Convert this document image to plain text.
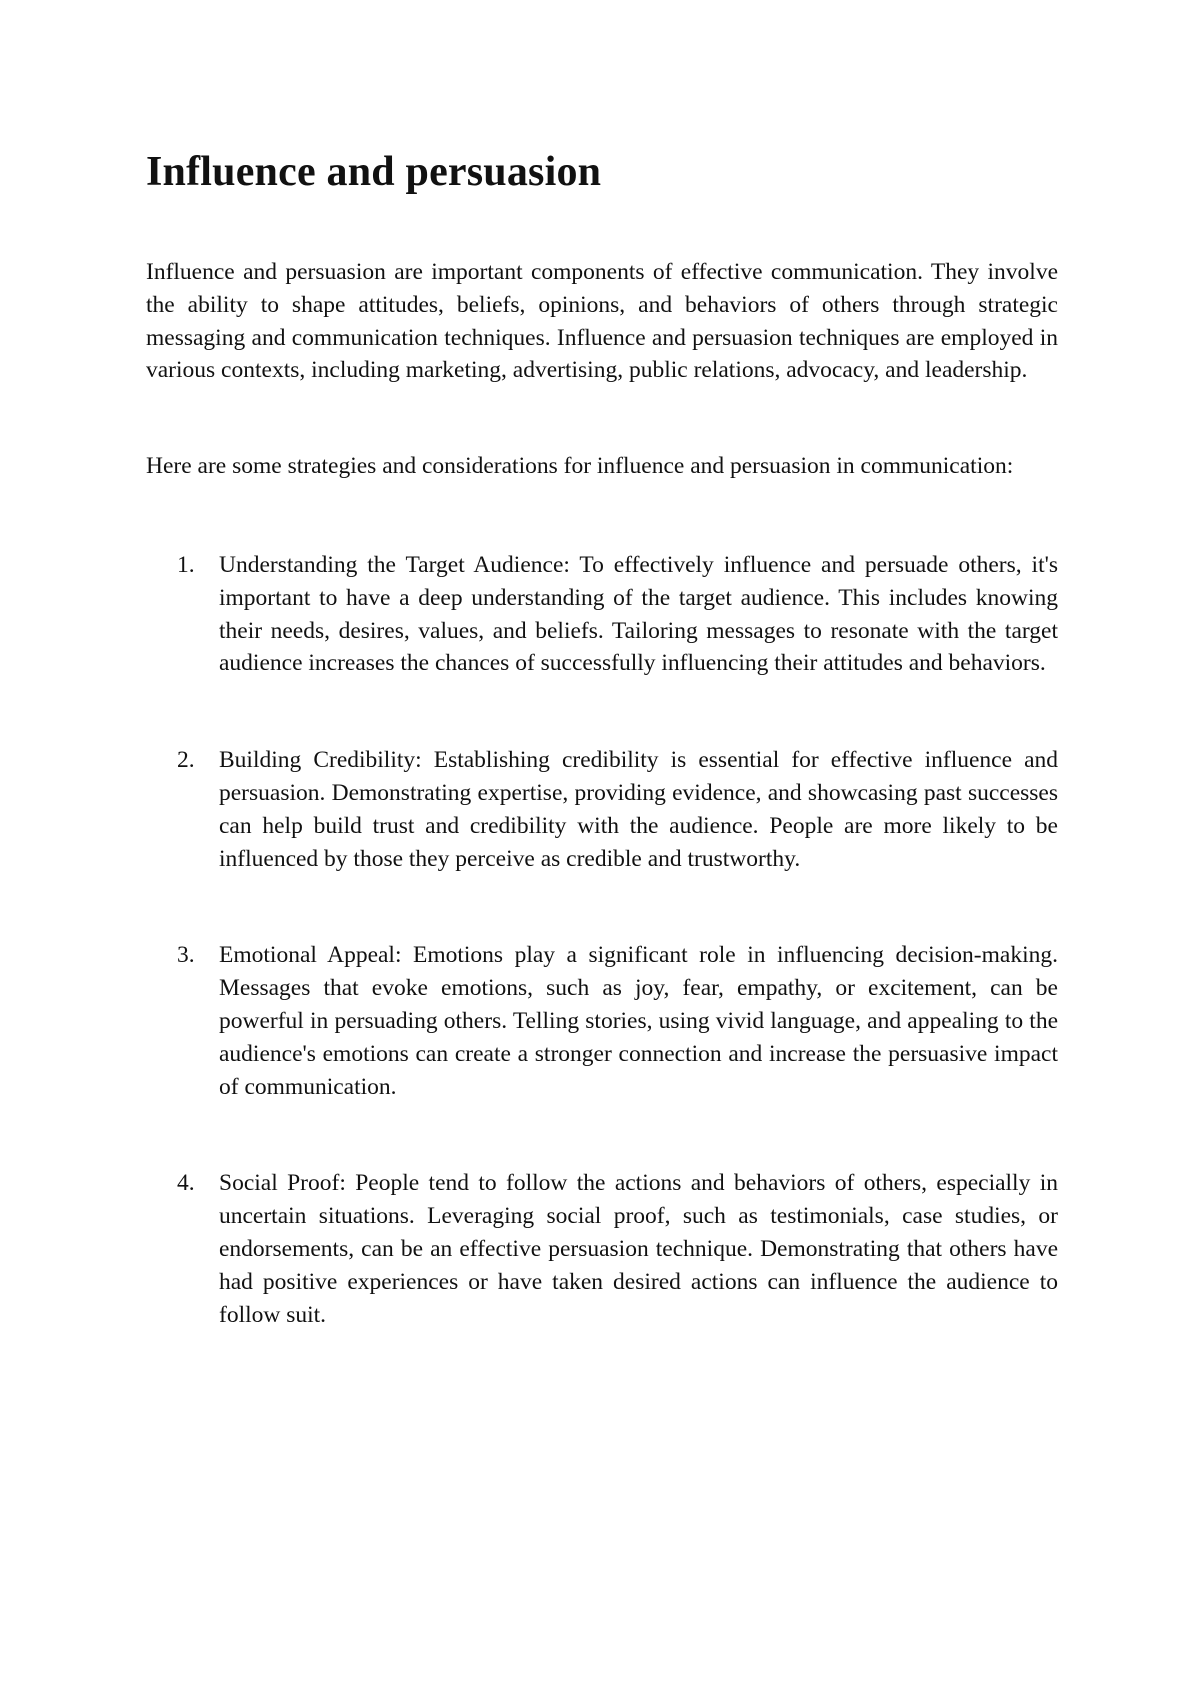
Influence and persuasion

Influence and persuasion are important components of effective communication. They involve the ability to shape attitudes, beliefs, opinions, and behaviors of others through strategic messaging and communication techniques. Influence and persuasion techniques are employed in various contexts, including marketing, advertising, public relations, advocacy, and leadership.

Here are some strategies and considerations for influence and persuasion in communication:

1. Understanding the Target Audience: To effectively influence and persuade others, it's important to have a deep understanding of the target audience. This includes knowing their needs, desires, values, and beliefs. Tailoring messages to resonate with the target audience increases the chances of successfully influencing their attitudes and behaviors.
2. Building Credibility: Establishing credibility is essential for effective influence and persuasion. Demonstrating expertise, providing evidence, and showcasing past successes can help build trust and credibility with the audience. People are more likely to be influenced by those they perceive as credible and trustworthy.
3. Emotional Appeal: Emotions play a significant role in influencing decision-making. Messages that evoke emotions, such as joy, fear, empathy, or excitement, can be powerful in persuading others. Telling stories, using vivid language, and appealing to the audience's emotions can create a stronger connection and increase the persuasive impact of communication.
4. Social Proof: People tend to follow the actions and behaviors of others, especially in uncertain situations. Leveraging social proof, such as testimonials, case studies, or endorsements, can be an effective persuasion technique. Demonstrating that others have had positive experiences or have taken desired actions can influence the audience to follow suit.
